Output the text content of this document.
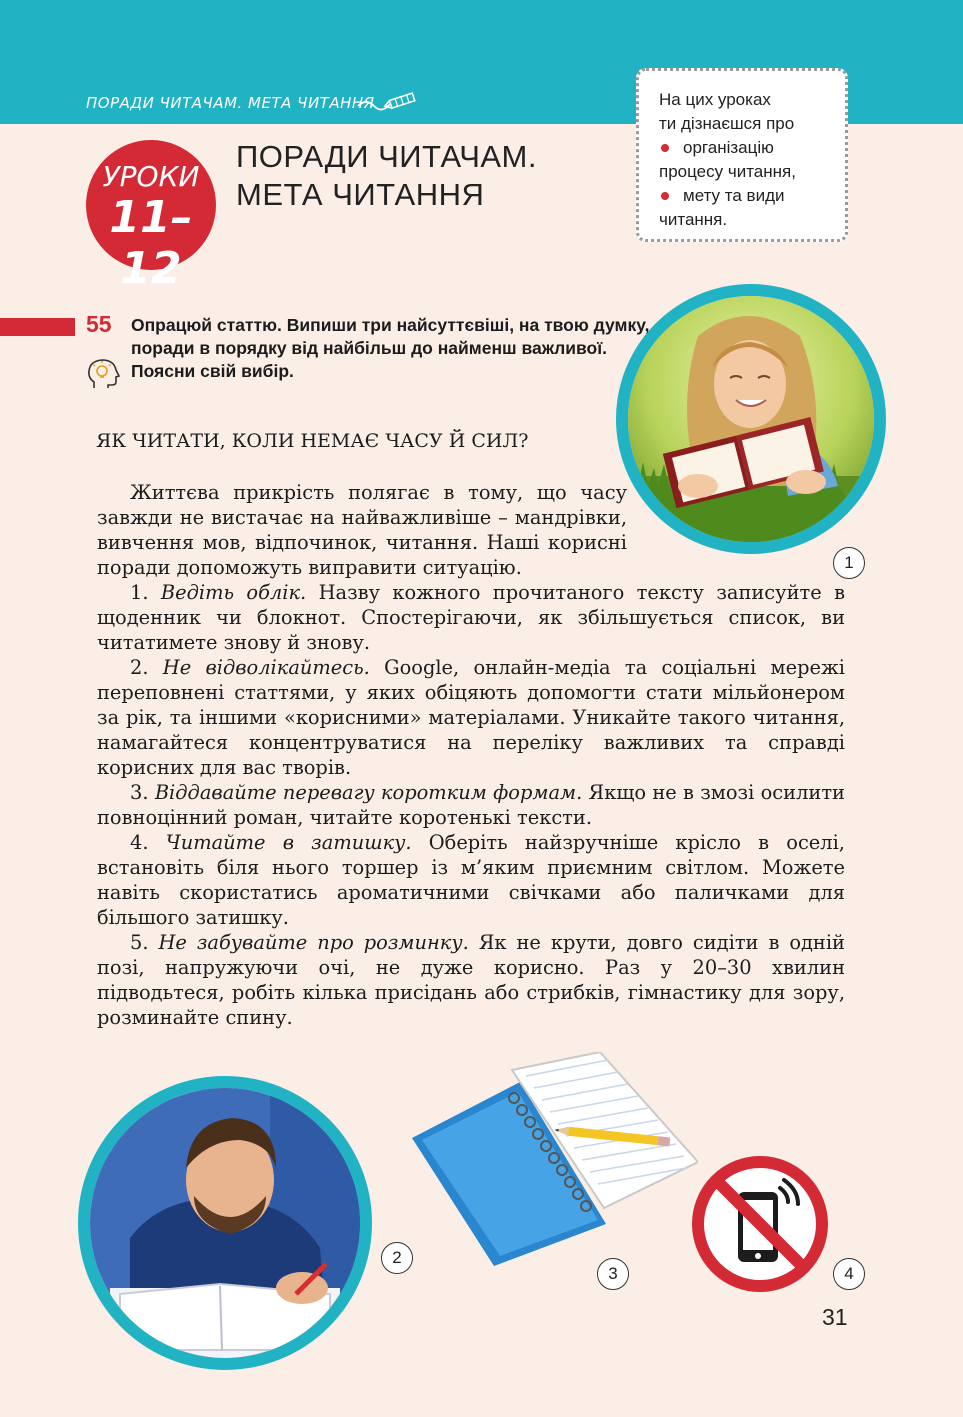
ПОРАДИ ЧИТАЧАМ. МЕТА ЧИТАННЯ
УРОКИ
11–12
ПОРАДИ ЧИТАЧАМ.
МЕТА ЧИТАННЯ

На цих уроках

ти дізнаєшся про

організацію

процесу читання,

мету та види

читання.

55 Опрацюй статтю. Випиши три найсуттєвіші, на твою думку, поради в порядку від найбільш до найменш важливої. Поясни свій вибір.

1
ЯК ЧИТАТИ, КОЛИ НЕМАЄ ЧАСУ Й СИЛ?

Життєва прикрість полягає в тому, що часу завжди не вистачає на найважливіше – мандрівки, вивчення мов, відпочинок, читання. Наші корисні поради допоможуть виправити ситуацію.

1. Ведіть облік. Назву кожного прочитаного тексту записуйте в щоденник чи блокнот. Спостерігаючи, як збільшується список, ви читатимете знову й знову.

2. Не відволікайтесь. Google, онлайн-медіа та соціальні мережі переповнені статтями, у яких обіцяють допомогти стати мільйонером за рік, та іншими «корисними» матеріалами. Уникайте такого читання, намагайтеся концентруватися на переліку важливих та справді корисних для вас творів.

3. Віддавайте перевагу коротким формам. Якщо не в змозі осилити повноцінний роман, читайте коротенькі тексти.

4. Читайте в затишку. Оберіть найзручніше крісло в оселі, встановіть біля нього торшер із м’яким приємним світлом. Можете навіть скористатись ароматичними свічками або паличками для більшого затишку.

5. Не забувайте про розминку. Як не крути, довго сидіти в одній позі, напружуючи очі, не дуже корисно. Раз у 20–30 хвилин підводьтеся, робіть кілька присідань або стрибків, гімнастику для зору, розминайте спину.

2
3	4
31
